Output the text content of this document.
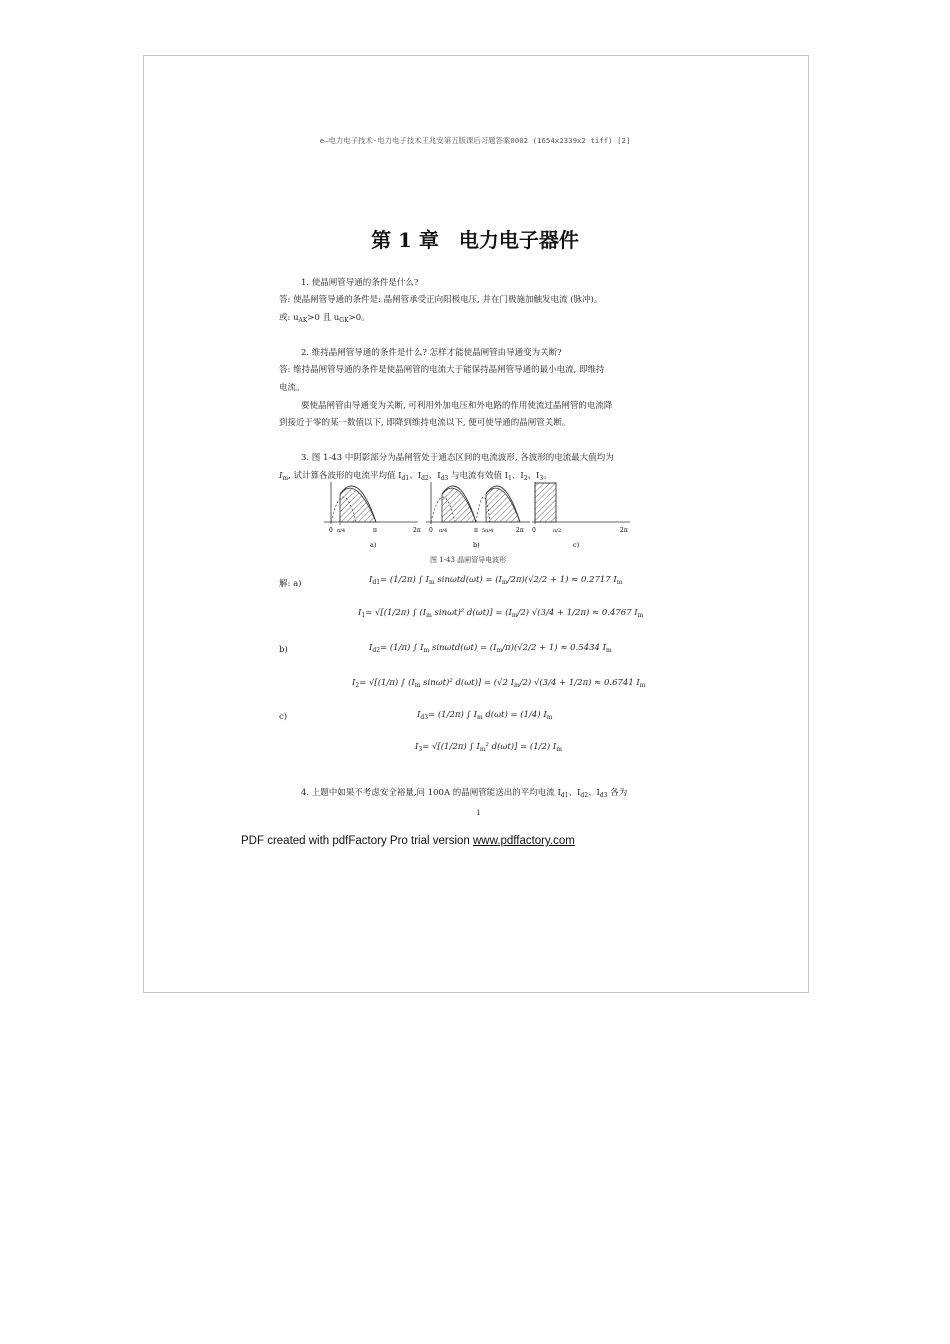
e—电力电子技术-电力电子技术王兆安第五版课后习题答案0002 (1654x2339x2 tiff) [2]
第 1 章 电力电子器件
1. 使晶闸管导通的条件是什么?
答: 使晶闸管导通的条件是: 晶闸管承受正向阳极电压, 并在门极施加触发电流 (脉冲)。
或: $u_{AK}>0$ 且 $u_{GK}>0$。
2. 维持晶闸管导通的条件是什么? 怎样才能使晶闸管由导通变为关断?
答: 维持晶闸管导通的条件是使晶闸管的电流大于能保持晶闸管导通的最小电流, 即维持
电流。
要使晶闸管由导通变为关断, 可利用外加电压和外电路的作用使流过晶闸管的电流降
到接近于零的某一数值以下, 即降到维持电流以下, 便可使导通的晶闸管关断。
3. 图 1-43 中阴影部分为晶闸管处于通态区间的电流波形, 各波形的电流最大值均为
$I_m$, 试计算各波形的电流平均值 $I_{d1}$、$I_{d2}$、$I_{d3}$ 与电流有效值 $I_1$、$I_2$、$I_3$。
0 π/4	π	2π 0 π/4	π 5π/4	2π 0	π/2	2π
a)	b)	c)
图 1-43 晶闸管导电波形
解: a)	$I_{d1}= (1/2\pi)$ ∫ $I_m$ $\sin\omega td(\omega t) = (I_m/2\pi)(√2/2 + 1) \approx 0.2717$ $I_m$
$I_1= √[(1/2\pi)$ ∫ ($I_m$ sinωt)² $d(\omega t)] = (I_m/2) √(3/4 + 1/2\pi) \approx 0.4767$ $I_m$
b)	$I_{d2}= (1/\pi)$ ∫ $I_m$ $\sin\omega td(\omega t) = (I_m/\pi)(√2/2 + 1) \approx 0.5434$ $I_m$
$I_2= √[(1/\pi)$ ∫ ($I_m$ sinωt)² d(ωt)] = (√2 $I_m/2$) √(3/4 + 1/2π) ≈ 0.6741 $I_m$
c)	$I_{d3}= (1/2\pi)$ ∫ $I_m$ d(ωt) = (1/4) $I_m$
$I_3= √[(1/2\pi)$ ∫ $I_m^2$ d(ωt)] = (1/2) $I_m$
4. 上题中如果不考虑安全裕量,问 100A 的晶闸管能送出的平均电流 $I_{d1}$、$I_{d2}$、$I_{d3}$ 各为
1
PDF created with pdfFactory Pro trial version www.pdffactory.com
